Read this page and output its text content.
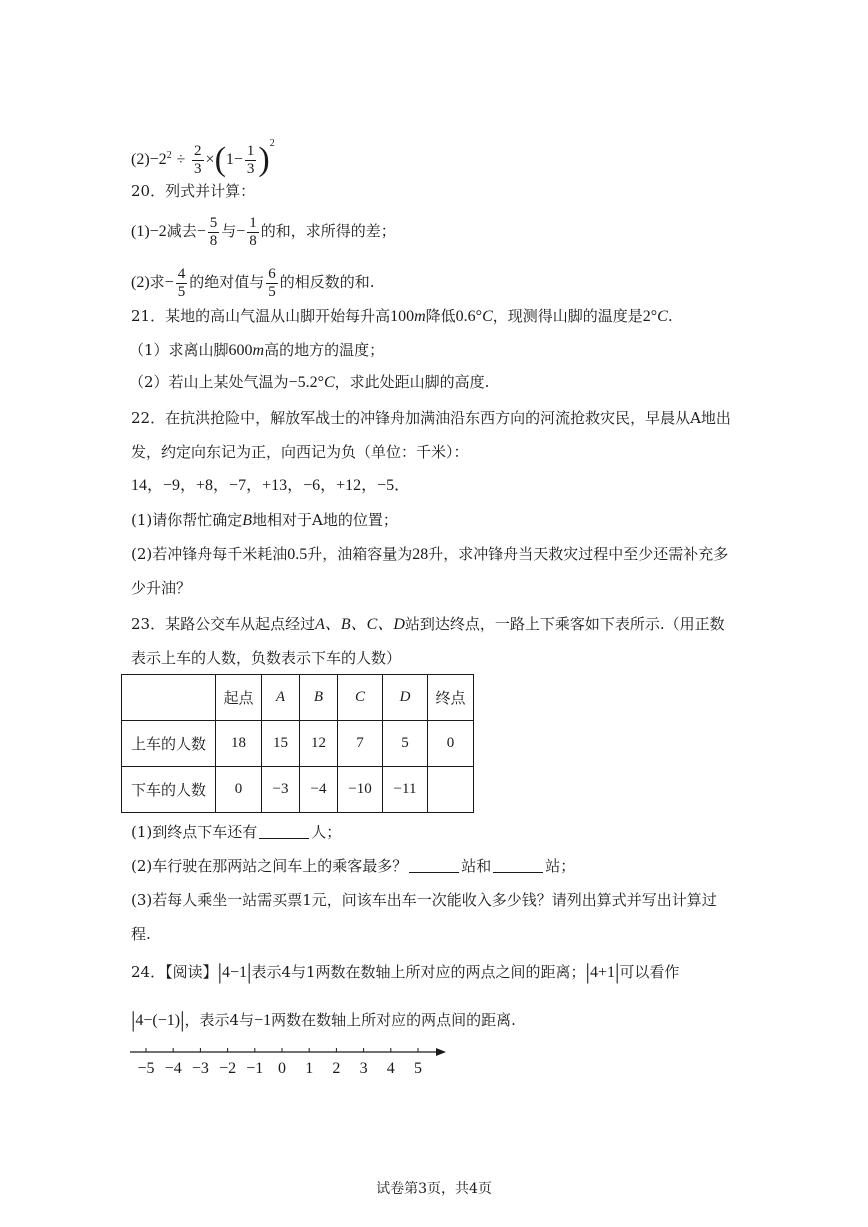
$(2)-2^2 \div \frac{2}{3} \times(1- \frac{1}{3} )^2$
20．列式并计算：
(1)−2减去− $\frac{5}{8}$ 与− $\frac{1}{8}$ 的和，求所得的差；
(2)求− $\frac{4}{5}$ 的绝对值与 $\frac{6}{5}$ 的相反数的和.
21．某地的高山气温从山脚开始每升高100m降低0.6°C，现测得山脚的温度是2°C.
（1）求离山脚600m高的地方的温度；
（2）若山上某处气温为−5.2°C，求此处距山脚的高度.
22．在抗洪抢险中，解放军战士的冲锋舟加满油沿东西方向的河流抢救灾民，早晨从A地出
发，约定向东记为正，向西记为负（单位：千米）：
14，−9，+8，−7，+13，−6，+12，−5．
(1)请你帮忙确定B地相对于A地的位置；
(2)若冲锋舟每千米耗油0.5升，油箱容量为28升，求冲锋舟当天救灾过程中至少还需补充多
少升油？
23．某路公交车从起点经过A、B、C、D站到达终点，一路上下乘客如下表所示.（用正数
表示上车的人数，负数表示下车的人数）
	起点	A	B	C	D	终点
上车的人数	18	15	12	7	5	0
下车的人数	0	−3	−4	−10	−11	
(1)到终点下车还有	人；
(2)车行驶在那两站之间车上的乘客最多？	站和	站；
(3)若每人乘坐一站需买票1元，问该车出车一次能收入多少钱？请列出算式并写出计算过
程.
24．【阅读】|4−1|表示4与1两数在数轴上所对应的两点之间的距离；|4+1|可以看作
|4−(−1)|，表示4与−1两数在数轴上所对应的两点间的距离.
−5 −4 −3 −2 −1 0 1 2 3 4 5
试卷第3页，共4页
